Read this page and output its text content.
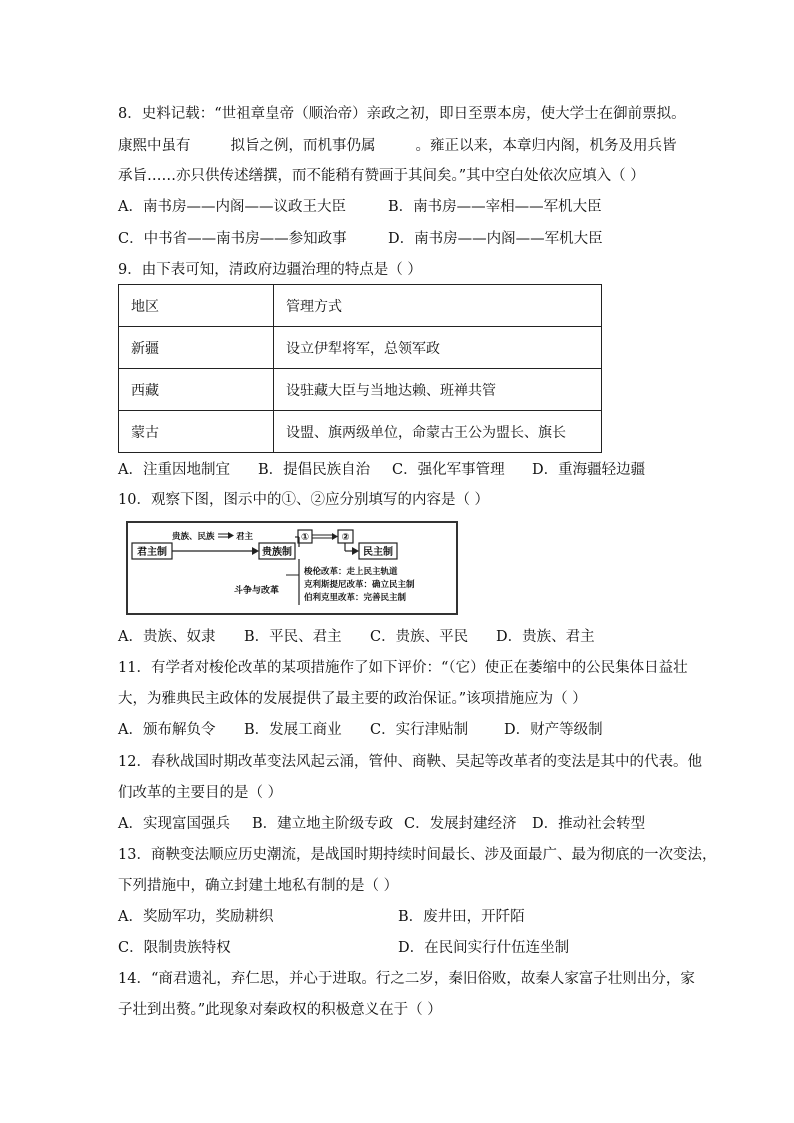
8．史料记载：“世祖章皇帝（顺治帝）亲政之初，即日至票本房，使大学士在御前票拟。
康熙中虽有	拟旨之例，而机事仍属	。雍正以来，本章归内阁，机务及用兵皆
承旨……亦只供传述缮撰，而不能稍有赞画于其间矣。”其中空白处依次应填入（ ）
A．南书房——内阁——议政王大臣	B．南书房——宰相——军机大臣
C．中书省——南书房——参知政事	D．南书房——内阁——军机大臣
9．由下表可知，清政府边疆治理的特点是（ ）
地区	管理方式
新疆	设立伊犁将军，总领军政
西藏	设驻藏大臣与当地达赖、班禅共管
蒙古	设盟、旗两级单位，命蒙古王公为盟长、旗长
A．注重因地制宜 B．提倡民族自治 C．强化军事管理 D．重海疆轻边疆
10．观察下图，图示中的①、②应分别填写的内容是（ ）
君主制
贵族、民族	君主
贵族制
①	②
民主制
斗争与改革
梭伦改革：走上民主轨道
克利斯提尼改革：确立民主制
伯利克里改革：完善民主制
A．贵族、奴隶 B．平民、君主 C．贵族、平民 D．贵族、君主
11．有学者对梭伦改革的某项措施作了如下评价：“（它）使正在萎缩中的公民集体日益壮
大，为雅典民主政体的发展提供了最主要的政治保证。”该项措施应为（ ）
A．颁布解负令 B．发展工商业 C．实行津贴制 D．财产等级制
12．春秋战国时期改革变法风起云涌，管仲、商鞅、吴起等改革者的变法是其中的代表。他
们改革的主要目的是（ ）
A．实现富国强兵 B．建立地主阶级专政 C．发展封建经济 D．推动社会转型
13．商鞅变法顺应历史潮流，是战国时期持续时间最长、涉及面最广、最为彻底的一次变法，
下列措施中，确立封建土地私有制的是（ ）
A．奖励军功，奖励耕织	B．废井田，开阡陌
C．限制贵族特权	D．在民间实行什伍连坐制
14．“商君遗礼，弃仁思，并心于进取。行之二岁，秦旧俗败，故秦人家富子壮则出分，家
子壮到出赘。”此现象对秦政权的积极意义在于（ ）
